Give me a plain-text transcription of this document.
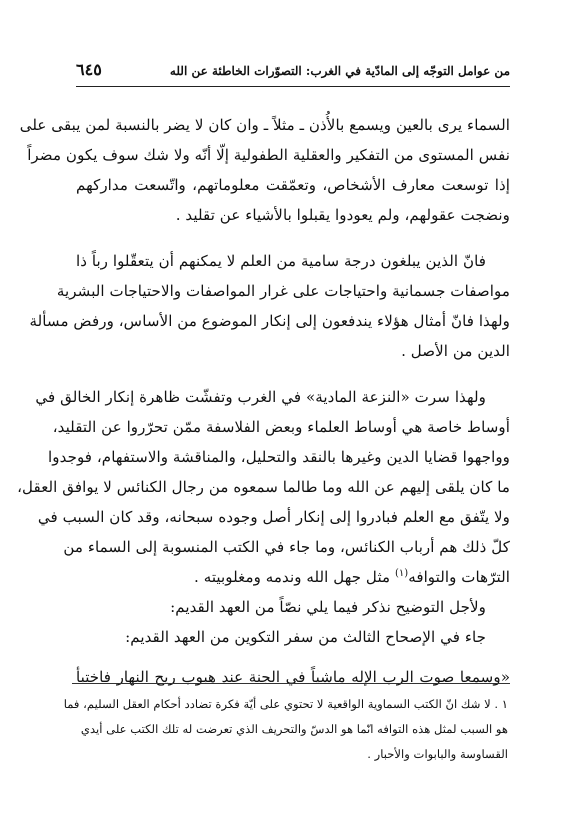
من عوامل التوجّه إلى المادّية في الغرب: التصوّرات الخاطئة عن الله
٦٤٥
السماء يرى بالعين ويسمع بالأُذن ـ مثلاً ـ وان كان لا يضر بالنسبة لمن يبقى على
نفس المستوى من التفكير والعقلية الطفولية إلّا أنّه ولا شك سوف يكون مضراً
إذا توسعت معارف الأشخاص، وتعمّقت معلوماتهم، واتّسعت مداركهم
ونضجت عقولهم، ولم يعودوا يقبلوا بالأشياء عن تقليد .
فانّ الذين يبلغون درجة سامية من العلم لا يمكنهم أن يتعقّلوا رباً ذا
مواصفات جسمانية واحتياجات على غرار المواصفات والاحتياجات البشرية
ولهذا فانّ أمثال هؤلاء يندفعون إلى إنكار الموضوع من الأساس، ورفض مسألة
الدين من الأصل .
ولهذا سرت «النزعة المادية» في الغرب وتفشّت ظاهرة إنكار الخالق في
أوساط خاصة هي أوساط العلماء وبعض الفلاسفة ممّن تحرّروا عن التقليد،
وواجهوا قضايا الدين وغيرها بالنقد والتحليل، والمناقشة والاستفهام، فوجدوا
ما كان يلقى إليهم عن الله وما طالما سمعوه من رجال الكنائس لا يوافق العقل،
ولا يتّفق مع العلم فبادروا إلى إنكار أصل وجوده سبحانه، وقد كان السبب في
كلّ ذلك هم أرباب الكنائس، وما جاء في الكتب المنسوبة إلى السماء من
الترّهات والتوافه$^{(١)}$ مثل جهل الله وندمه ومغلوبيته .
ولأجل التوضيح نذكر فيما يلي نصّاً من العهد القديم:
جاء في الإصحاح الثالث من سفر التكوين من العهد القديم:
«وسمعا صوت الرب الإله ماشياً في الجنة عند هبوب ريح النهار فاختبأ
١ . لا شك انّ الكتب السماوية الواقعية لا تحتوي على أيّة فكرة تضادد أحكام العقل السليم، فما
هو السبب لمثل هذه التوافه انّما هو الدسّ والتحريف الذي تعرضت له تلك الكتب على أيدي
القساوسة والبابوات والأحبار .
